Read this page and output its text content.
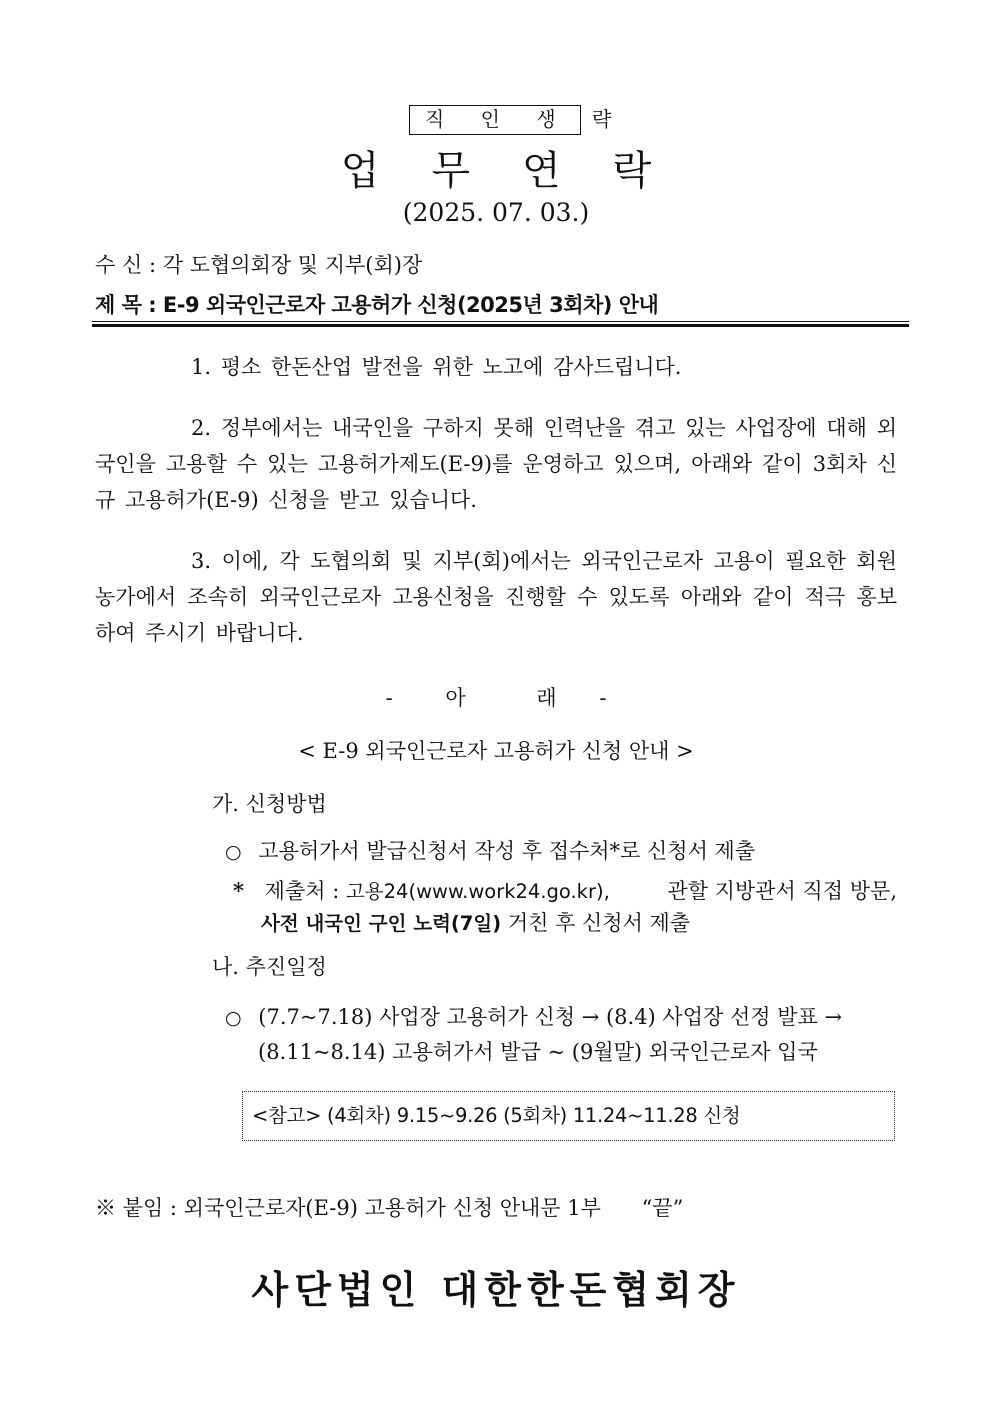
직 인 생 략
업무연락
(2025. 07. 03.)
수 신 : 각 도협의회장 및 지부(회)장
제 목 : E-9 외국인근로자 고용허가 신청(2025년 3회차) 안내
1. 평소 한돈산업 발전을 위한 노고에 감사드립니다.
2. 정부에서는 내국인을 구하지 못해 인력난을 겪고 있는 사업장에 대해 외국인을 고용할 수 있는 고용허가제도(E-9)를 운영하고 있으며, 아래와 같이 3회차 신규 고용허가(E-9) 신청을 받고 있습니다.
3. 이에, 각 도협의회 및 지부(회)에서는 외국인근로자 고용이 필요한 회원농가에서 조속히 외국인근로자 고용신청을 진행할 수 있도록 아래와 같이 적극 홍보하여 주시기 바랍니다.
-	아	래 -
< E-9 외국인근로자 고용허가 신청 안내 >
가. 신청방법
○ 고용허가서 발급신청서 작성 후 접수처*로 신청서 제출
* 제출처 : 고용24(www.work24.go.kr),	관할 지방관서 직접 방문,
사전 내국인 구인 노력(7일) 거친 후 신청서 제출
나. 추진일정
○ (7.7~7.18) 사업장 고용허가 신청 → (8.4) 사업장 선정 발표 →
(8.11~8.14) 고용허가서 발급 ~ (9월말) 외국인근로자 입국
<참고> (4회차) 9.15~9.26 (5회차) 11.24~11.28 신청
※ 붙임 : 외국인근로자(E-9) 고용허가 신청 안내문 1부 “끝”
사단법인 대한한돈협회장
